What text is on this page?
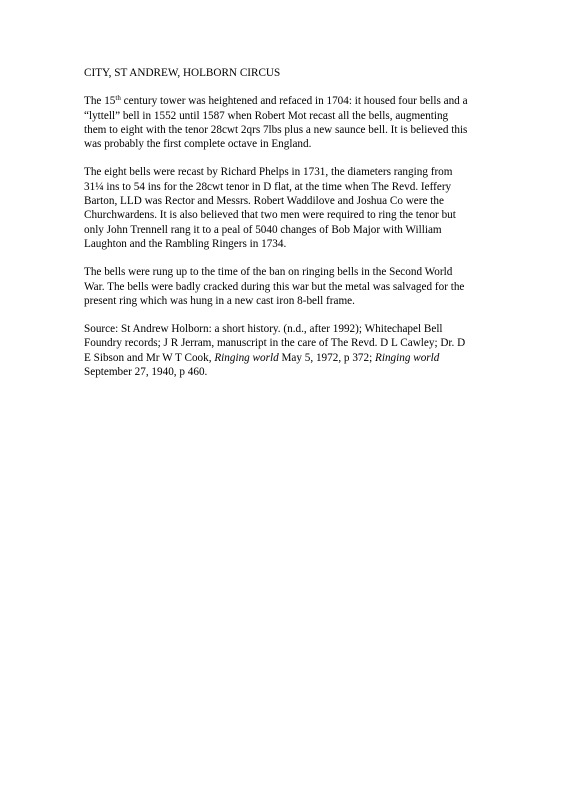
CITY, ST ANDREW, HOLBORN CIRCUS
The 15th century tower was heightened and refaced in 1704: it housed four bells and a
“lyttell” bell in 1552 until 1587 when Robert Mot recast all the bells, augmenting
them to eight with the tenor 28cwt 2qrs 7lbs plus a new saunce bell. It is believed this
was probably the first complete octave in England.
The eight bells were recast by Richard Phelps in 1731, the diameters ranging from
31¼ ins to 54 ins for the 28cwt tenor in D flat, at the time when The Revd. Ieffery
Barton, LLD was Rector and Messrs. Robert Waddilove and Joshua Co were the
Churchwardens. It is also believed that two men were required to ring the tenor but
only John Trennell rang it to a peal of 5040 changes of Bob Major with William
Laughton and the Rambling Ringers in 1734.
The bells were rung up to the time of the ban on ringing bells in the Second World
War. The bells were badly cracked during this war but the metal was salvaged for the
present ring which was hung in a new cast iron 8-bell frame.
Source: St Andrew Holborn: a short history. (n.d., after 1992); Whitechapel Bell
Foundry records; J R Jerram, manuscript in the care of The Revd. D L Cawley; Dr. D
E Sibson and Mr W T Cook, Ringing world May 5, 1972, p 372; Ringing world
September 27, 1940, p 460.
